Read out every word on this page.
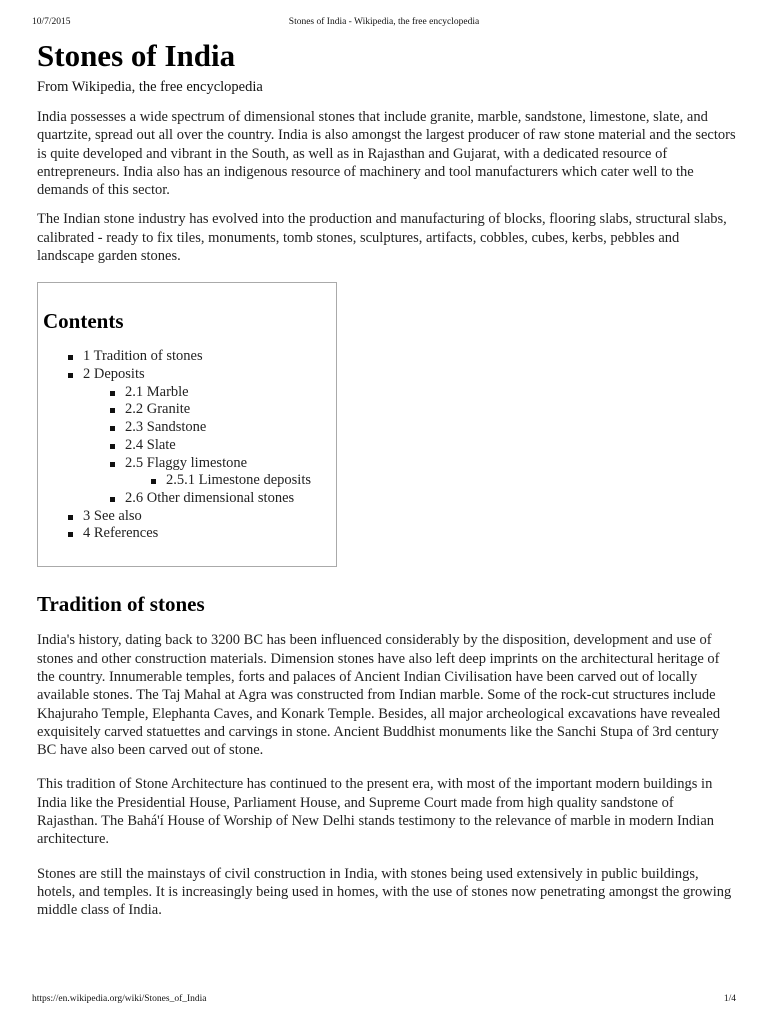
10/7/2015	Stones of India - Wikipedia, the free encyclopedia
Stones of India
From Wikipedia, the free encyclopedia

India possesses a wide spectrum of dimensional stones that include granite, marble, sandstone, limestone, slate, and quartzite, spread out all over the country. India is also amongst the largest producer of raw stone material and the sectors is quite developed and vibrant in the South, as well as in Rajasthan and Gujarat, with a dedicated resource of entrepreneurs. India also has an indigenous resource of machinery and tool manufacturers which cater well to the demands of this sector.

The Indian stone industry has evolved into the production and manufacturing of blocks, flooring slabs, structural slabs, calibrated - ready to fix tiles, monuments, tomb stones, sculptures, artifacts, cobbles, cubes, kerbs, pebbles and landscape garden stones.

Contents
1 Tradition of stones
2 Deposits
2.1 Marble
2.2 Granite
2.3 Sandstone
2.4 Slate
2.5 Flaggy limestone
2.5.1 Limestone deposits
2.6 Other dimensional stones
3 See also
4 References
Tradition of stones

India's history, dating back to 3200 BC has been influenced considerably by the disposition, development and use of stones and other construction materials. Dimension stones have also left deep imprints on the architectural heritage of the country. Innumerable temples, forts and palaces of Ancient Indian Civilisation have been carved out of locally available stones. The Taj Mahal at Agra was constructed from Indian marble. Some of the rock-cut structures include Khajuraho Temple, Elephanta Caves, and Konark Temple. Besides, all major archeological excavations have revealed exquisitely carved statuettes and carvings in stone. Ancient Buddhist monuments like the Sanchi Stupa of 3rd century BC have also been carved out of stone.

This tradition of Stone Architecture has continued to the present era, with most of the important modern buildings in India like the Presidential House, Parliament House, and Supreme Court made from high quality sandstone of Rajasthan. The Bahá'í House of Worship of New Delhi stands testimony to the relevance of marble in modern Indian architecture.

Stones are still the mainstays of civil construction in India, with stones being used extensively in public buildings, hotels, and temples. It is increasingly being used in homes, with the use of stones now penetrating amongst the growing middle class of India.

https://en.wikipedia.org/wiki/Stones_of_India	1/4
